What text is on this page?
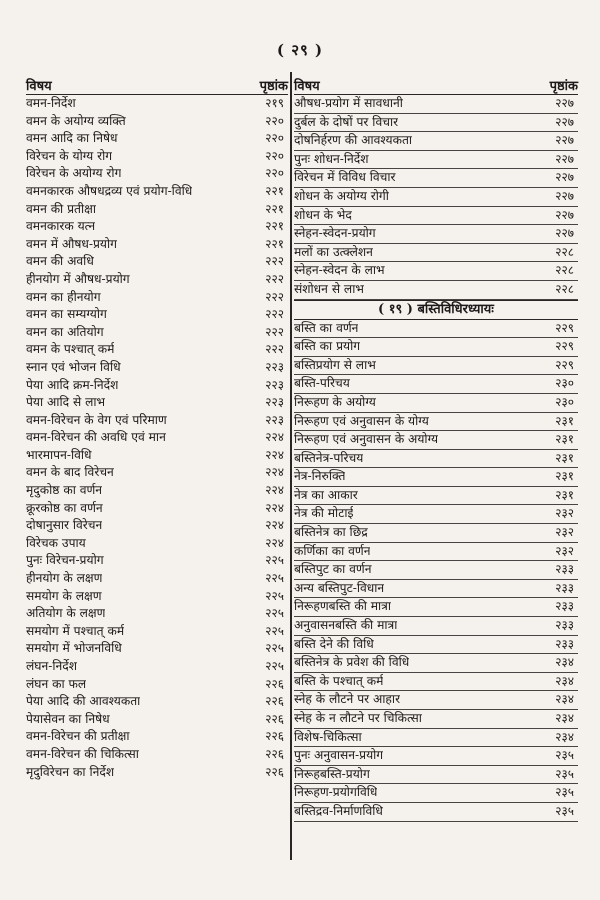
( २९ )
विषय	पृष्ठांक
वमन-निर्देश	२१९
वमन के अयोग्य व्यक्ति	२२०
वमन आदि का निषेध	२२०
विरेचन के योग्य रोग	२२०
विरेचन के अयोग्य रोग	२२०
वमनकारक औषधद्रव्य एवं प्रयोग-विधि	२२१
वमन की प्रतीक्षा	२२१
वमनकारक यत्न	२२१
वमन में औषध-प्रयोग	२२१
वमन की अवधि	२२२
हीनयोग में औषध-प्रयोग	२२२
वमन का हीनयोग	२२२
वमन का सम्यग्योग	२२२
वमन का अतियोग	२२२
वमन के पश्चात् कर्म	२२२
स्नान एवं भोजन विधि	२२३
पेया आदि क्रम-निर्देश	२२३
पेया आदि से लाभ	२२३
वमन-विरेचन के वेग एवं परिमाण	२२३
वमन-विरेचन की अवधि एवं मान	२२४
भारमापन-विधि	२२४
वमन के बाद विरेचन	२२४
मृदुकोष्ठ का वर्णन	२२४
क्रूरकोष्ठ का वर्णन	२२४
दोषानुसार विरेचन	२२४
विरेचक उपाय	२२४
पुनः विरेचन-प्रयोग	२२५
हीनयोग के लक्षण	२२५
समयोग के लक्षण	२२५
अतियोग के लक्षण	२२५
समयोग में पश्चात् कर्म	२२५
समयोग में भोजनविधि	२२५
लंघन-निर्देश	२२५
लंघन का फल	२२६
पेया आदि की आवश्यकता	२२६
पेयासेवन का निषेध	२२६
वमन-विरेचन की प्रतीक्षा	२२६
वमन-विरेचन की चिकित्सा	२२६
मृदुविरेचन का निर्देश	२२६
विषय	पृष्ठांक
औषध-प्रयोग में सावधानी	२२७
दुर्बल के दोषों पर विचार	२२७
दोषनिर्हरण की आवश्यकता	२२७
पुनः शोधन-निर्देश	२२७
विरेचन में विविध विचार	२२७
शोधन के अयोग्य रोगी	२२७
शोधन के भेद	२२७
स्नेहन-स्वेदन-प्रयोग	२२७
मलों का उत्क्लेशन	२२८
स्नेहन-स्वेदन के लाभ	२२८
संशोधन से लाभ	२२८
( १९ ) बस्तिविधिरध्यायः
बस्ति का वर्णन	२२९
बस्ति का प्रयोग	२२९
बस्तिप्रयोग से लाभ	२२९
बस्ति-परिचय	२३०
निरूहण के अयोग्य	२३०
निरूहण एवं अनुवासन के योग्य	२३१
निरूहण एवं अनुवासन के अयोग्य	२३१
बस्तिनेत्र-परिचय	२३१
नेत्र-निरुक्ति	२३१
नेत्र का आकार	२३१
नेत्र की मोटाई	२३२
बस्तिनेत्र का छिद्र	२३२
कर्णिका का वर्णन	२३२
बस्तिपुट का वर्णन	२३३
अन्य बस्तिपुट-विधान	२३३
निरूहणबस्ति की मात्रा	२३३
अनुवासनबस्ति की मात्रा	२३३
बस्ति देने की विधि	२३३
बस्तिनेत्र के प्रवेश की विधि	२३४
बस्ति के पश्चात् कर्म	२३४
स्नेह के लौटने पर आहार	२३४
स्नेह के न लौटने पर चिकित्सा	२३४
विशेष-चिकित्सा	२३४
पुनः अनुवासन-प्रयोग	२३५
निरूहबस्ति-प्रयोग	२३५
निरूहण-प्रयोगविधि	२३५
बस्तिद्रव-निर्माणविधि	२३५
